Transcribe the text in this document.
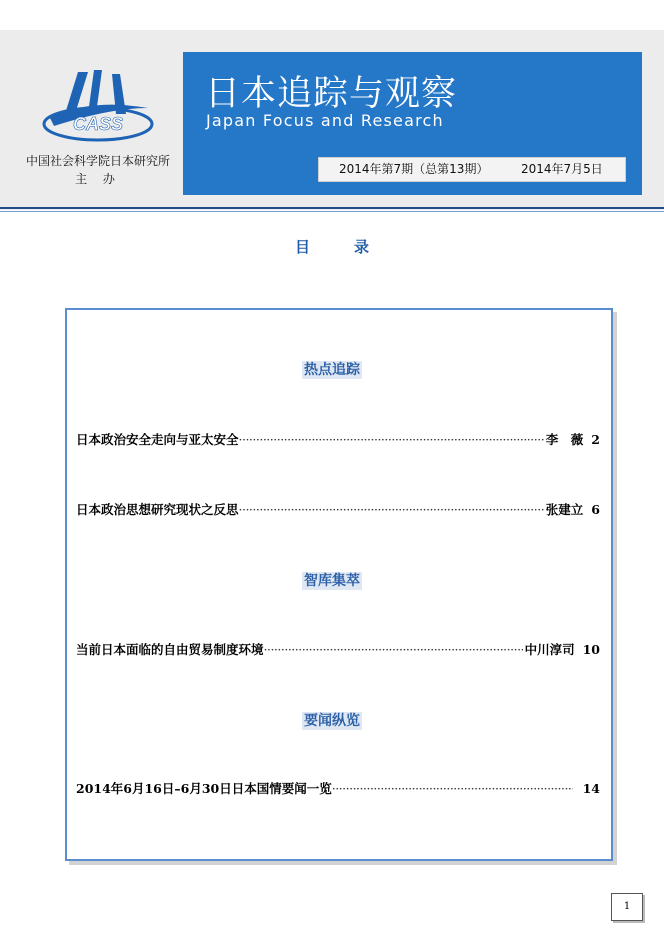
CASS
中国社会科学院日本研究所
主 办
日本追踪与观察
Japan Focus and Research
2014年第7期（总第13期）	2014年7月5日
目录
热点追踪
日本政治安全走向与亚太安全 ·····	李　薇 2
日本政治思想研究现状之反思 ·····	张建立 6
智库集萃
当前日本面临的自由贸易制度环境 ·····	中川淳司 10
要闻纵览
2014年6月16日–6月30日日本国情要闻一览 ·····	14
1
